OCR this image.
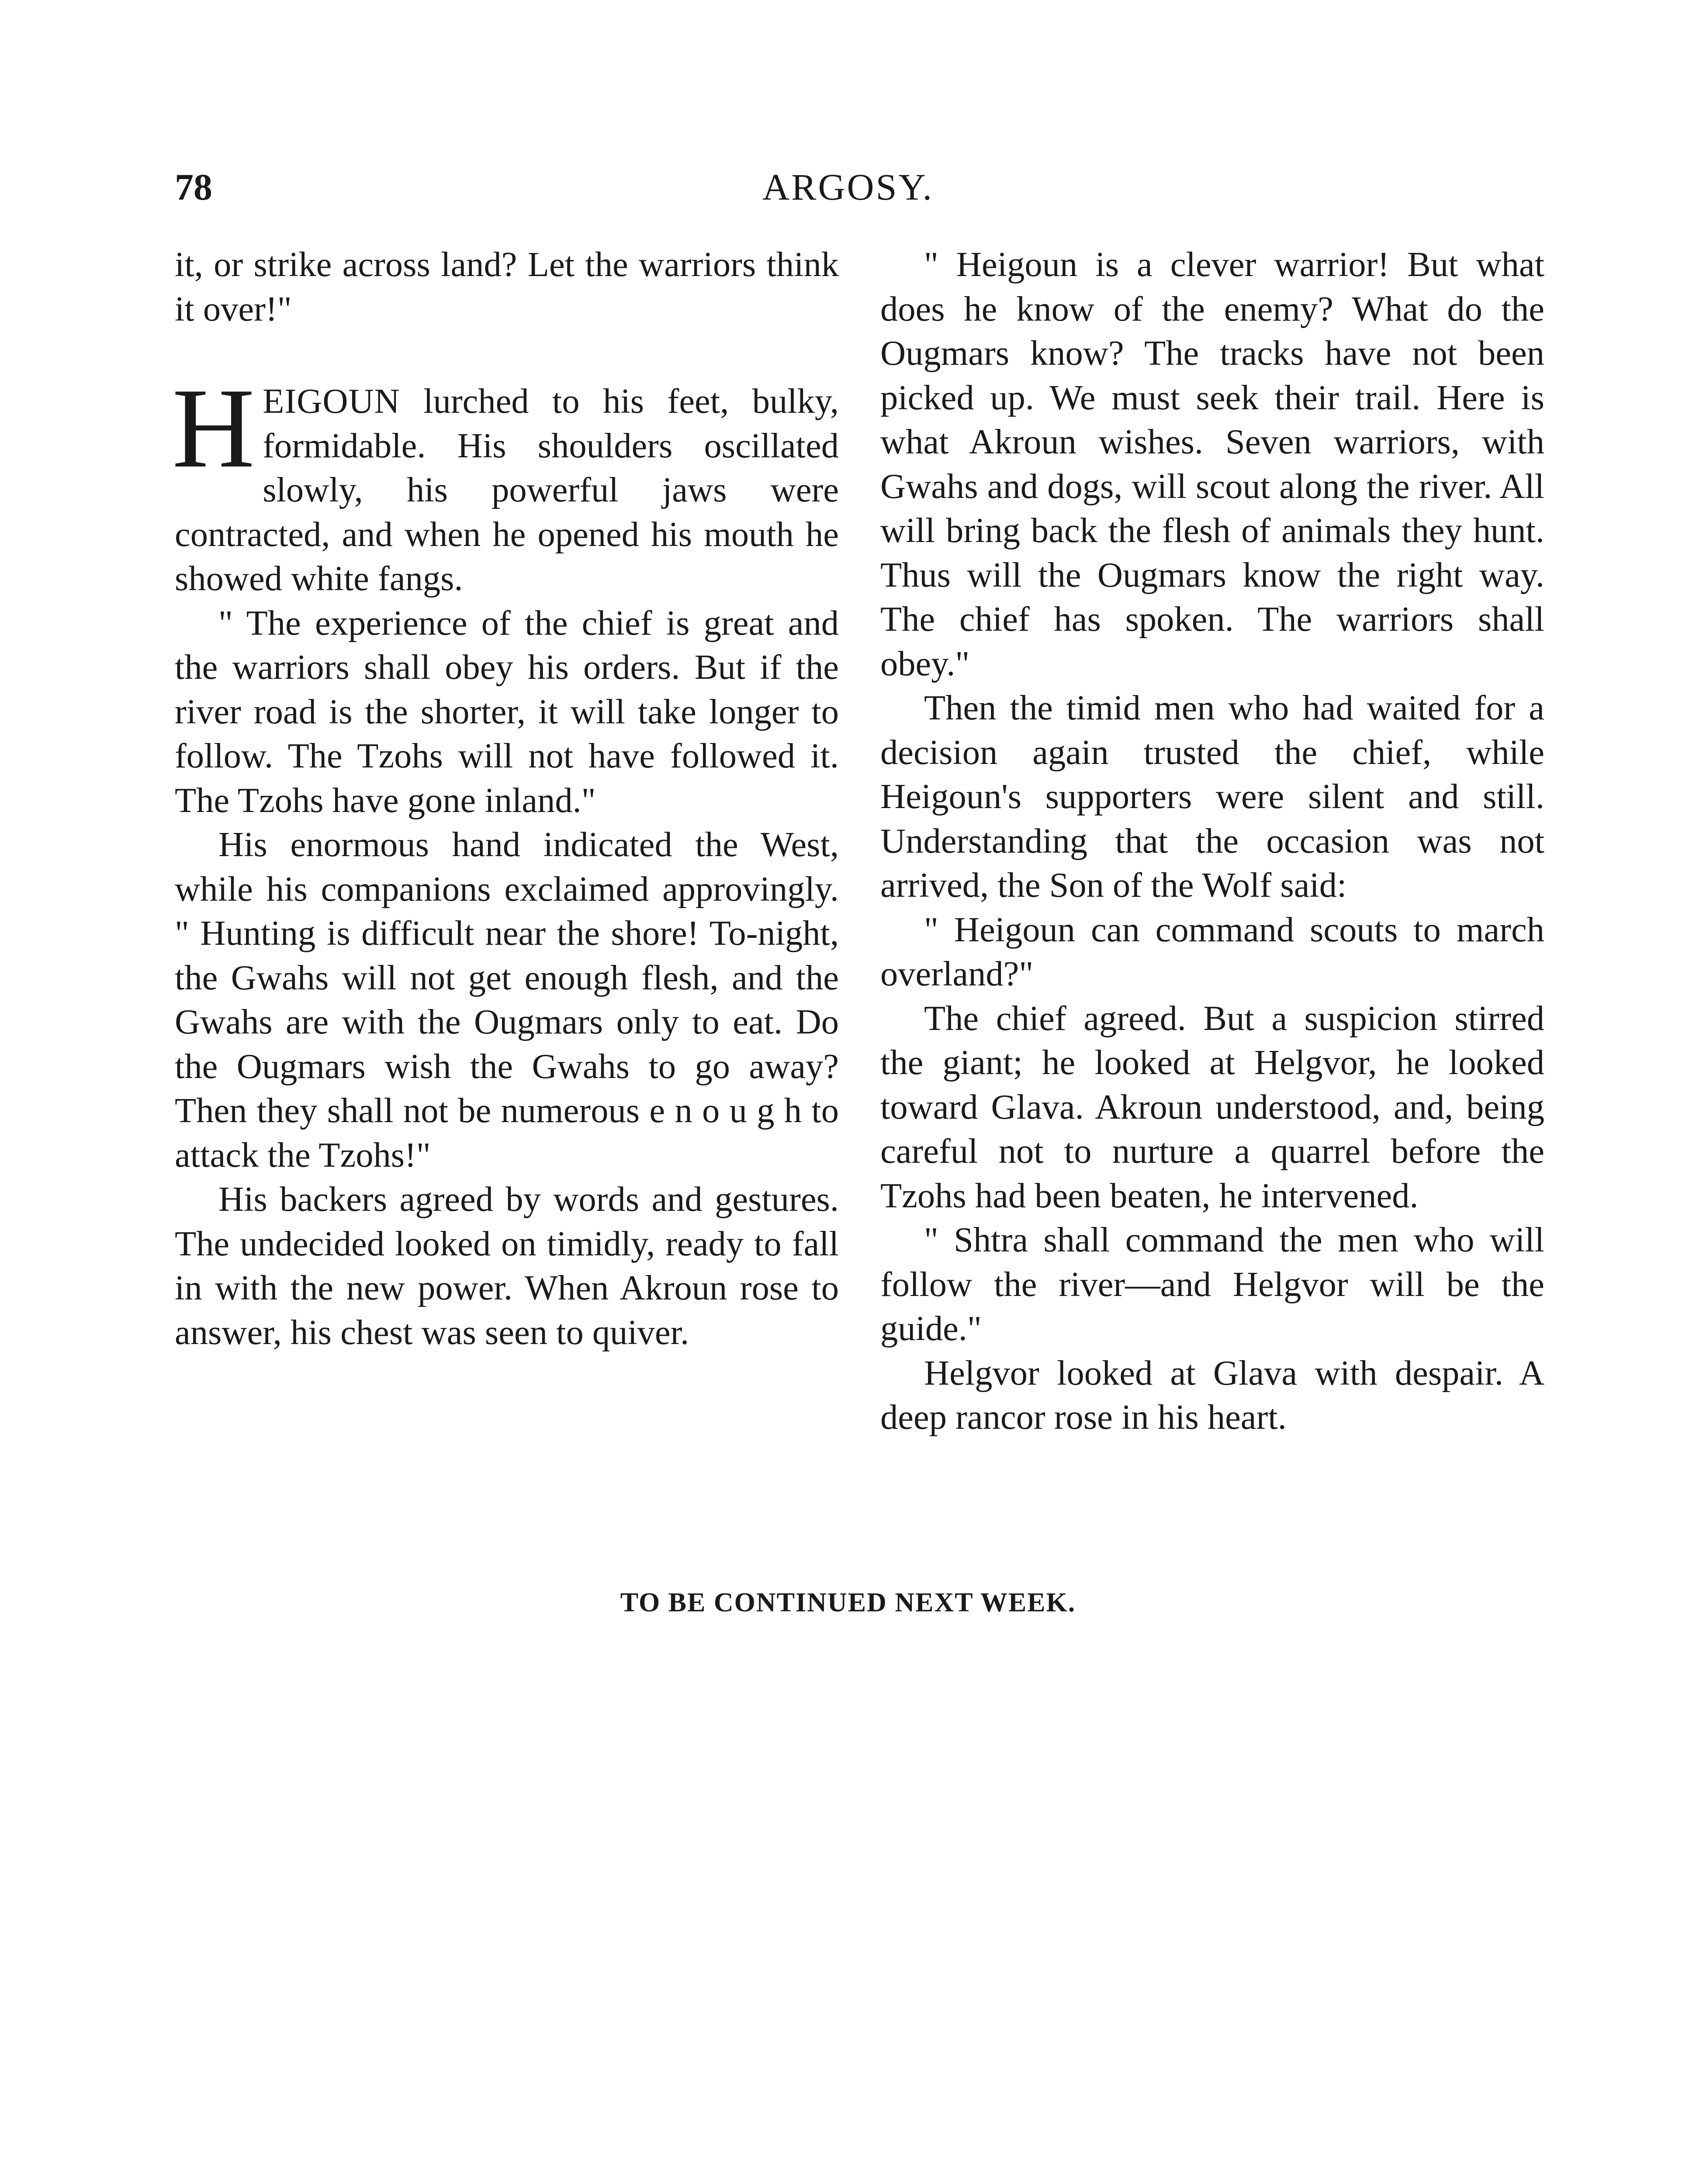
78	ARGOSY.

it, or strike across land? Let the warriors think it over!"

HEIGOUN lurched to his feet, bulky, formidable. His shoulders oscillated slowly, his powerful jaws were contracted, and when he opened his mouth he showed white fangs.

" The experience of the chief is great and the warriors shall obey his orders. But if the river road is the shorter, it will take longer to follow. The Tzohs will not have followed it. The Tzohs have gone inland."

His enormous hand indicated the West, while his companions exclaimed approvingly. " Hunting is difficult near the shore! To-night, the Gwahs will not get enough flesh, and the Gwahs are with the Ougmars only to eat. Do the Ougmars wish the Gwahs to go away? Then they shall not be numerous e n o u g h to attack the Tzohs!"

His backers agreed by words and gestures. The undecided looked on timidly, ready to fall in with the new power. When Akroun rose to answer, his chest was seen to quiver.

" Heigoun is a clever warrior! But what does he know of the enemy? What do the Ougmars know? The tracks have not been picked up. We must seek their trail. Here is what Akroun wishes. Seven warriors, with Gwahs and dogs, will scout along the river. All will bring back the flesh of animals they hunt. Thus will the Ougmars know the right way. The chief has spoken. The warriors shall obey."

Then the timid men who had waited for a decision again trusted the chief, while Heigoun's supporters were silent and still. Understanding that the occasion was not arrived, the Son of the Wolf said:

" Heigoun can command scouts to march overland?"

The chief agreed. But a suspicion stirred the giant; he looked at Helgvor, he looked toward Glava. Akroun understood, and, being careful not to nurture a quarrel before the Tzohs had been beaten, he intervened.

" Shtra shall command the men who will follow the river—and Helgvor will be the guide."

Helgvor looked at Glava with despair. A deep rancor rose in his heart.

TO BE CONTINUED NEXT WEEK.
